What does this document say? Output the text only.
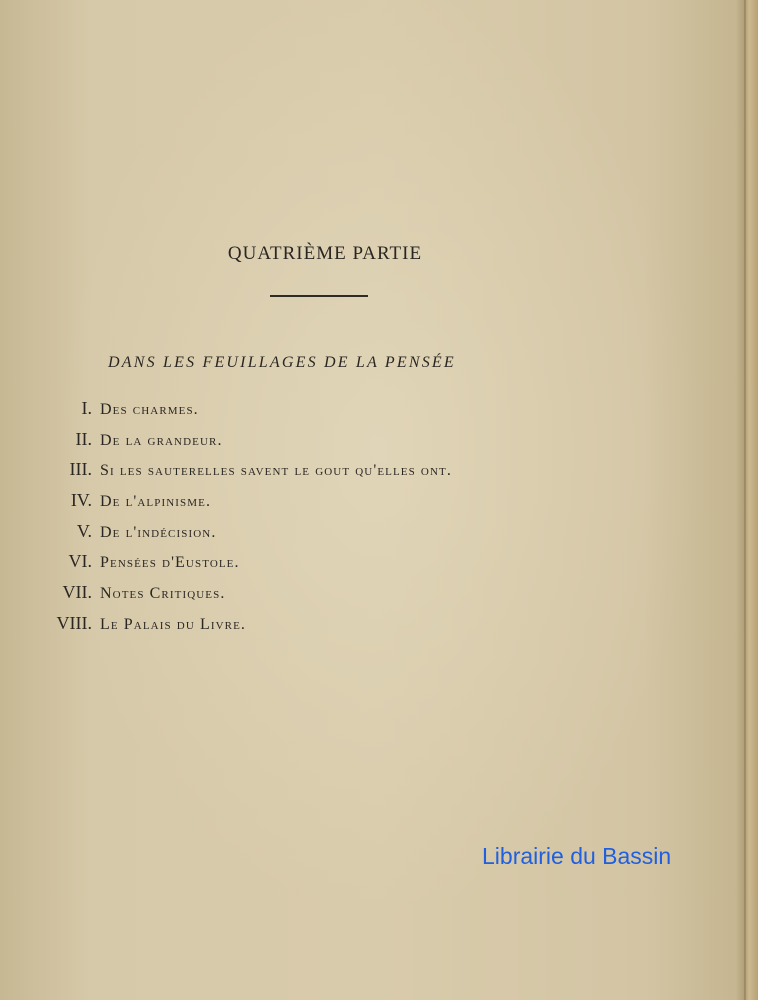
QUATRIÈME PARTIE
DANS LES FEUILLAGES DE LA PENSÉE
I. Des charmes.
II. De la grandeur.
III. Si les sauterelles savent le gout qu'elles ont.
IV. De l'alpinisme.
V. De l'indécision.
VI. Pensées d'Eustole.
VII. Notes Critiques.
VIII. Le Palais du Livre.
Librairie du Bassin
